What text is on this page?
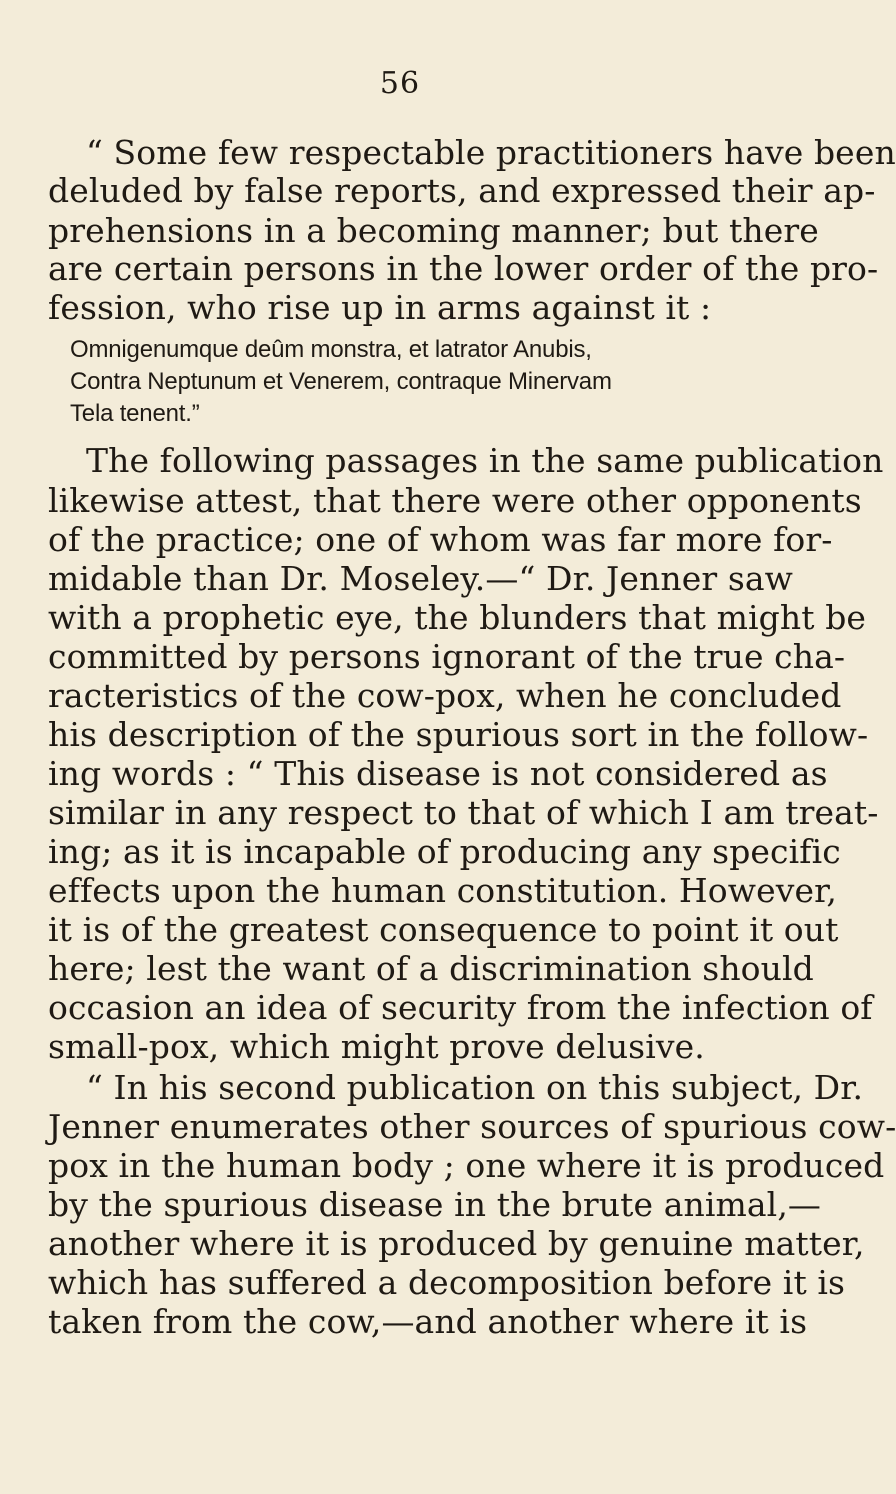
56
“ Some few respectable practitioners have been
deluded by false reports, and expressed their ap-
prehensions in a becoming manner; but there
are certain persons in the lower order of the pro-
fession, who rise up in arms against it :
Omnigenumque deûm monstra, et latrator Anubis,
Contra Neptunum et Venerem, contraque Minervam
Tela tenent.”
The following passages in the same publication
likewise attest, that there were other opponents
of the practice; one of whom was far more for-
midable than Dr. Moseley.—“ Dr. Jenner saw
with a prophetic eye, the blunders that might be
committed by persons ignorant of the true cha-
racteristics of the cow-pox, when he concluded
his description of the spurious sort in the follow-
ing words : “ This disease is not considered as
similar in any respect to that of which I am treat-
ing; as it is incapable of producing any specific
effects upon the human constitution. However,
it is of the greatest consequence to point it out
here; lest the want of a discrimination should
occasion an idea of security from the infection of
small-pox, which might prove delusive.
“ In his second publication on this subject, Dr.
Jenner enumerates other sources of spurious cow-
pox in the human body ; one where it is produced
by the spurious disease in the brute animal,—
another where it is produced by genuine matter,
which has suffered a decomposition before it is
taken from the cow,—and another where it is
